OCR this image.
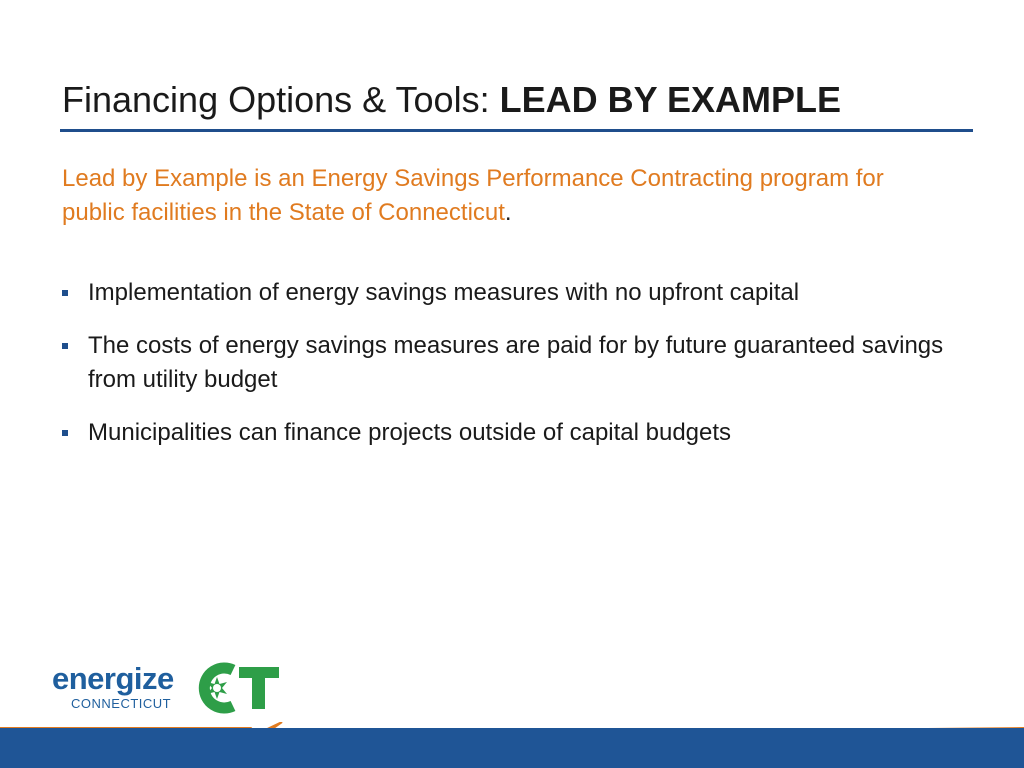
Financing Options & Tools: LEAD BY EXAMPLE
Lead by Example is an Energy Savings Performance Contracting program for public facilities in the State of Connecticut.
Implementation of energy savings measures with no upfront capital
The costs of energy savings measures are paid for by future guaranteed savings from utility budget
Municipalities can finance projects outside of capital budgets
energize
CONNECTICUT
